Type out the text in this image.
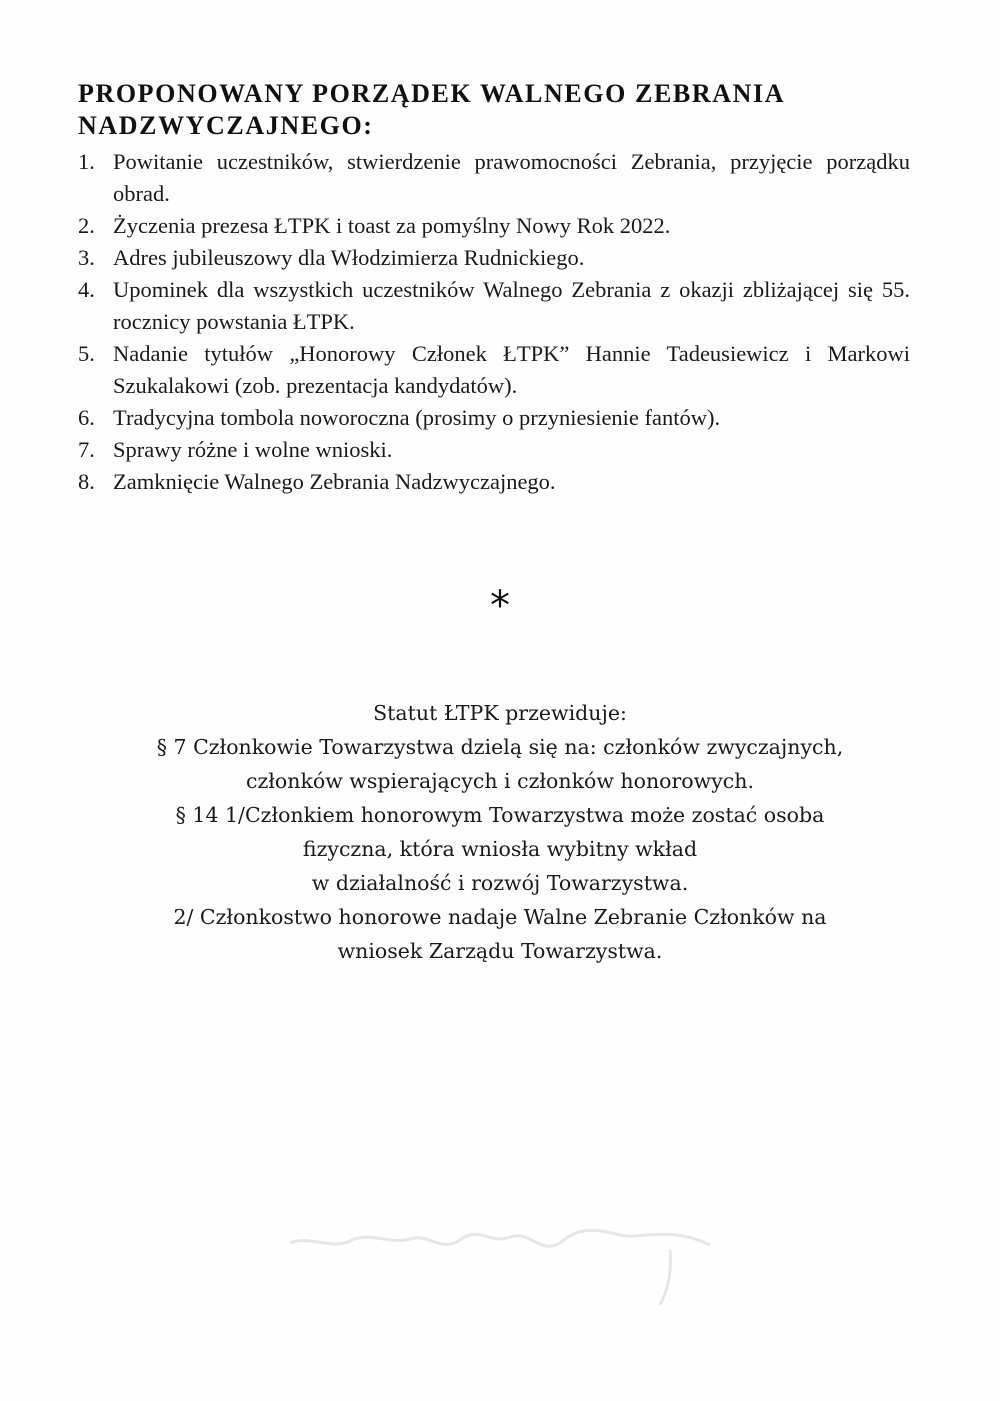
PROPONOWANY PORZĄDEK WALNEGO ZEBRANIA
NADZWYCZAJNEGO:
1. Powitanie uczestników, stwierdzenie prawomocności Zebrania, przyjęcie porządku obrad.
2. Życzenia prezesa ŁTPK i toast za pomyślny Nowy Rok 2022.
3. Adres jubileuszowy dla Włodzimierza Rudnickiego.
4. Upominek dla wszystkich uczestników Walnego Zebrania z okazji zbliżającej się 55. rocznicy powstania ŁTPK.
5. Nadanie tytułów „Honorowy Członek ŁTPK” Hannie Tadeusiewicz i Markowi Szukalakowi (zob. prezentacja kandydatów).
6. Tradycyjna tombola noworoczna (prosimy o przyniesienie fantów).
7. Sprawy różne i wolne wnioski.
8. Zamknięcie Walnego Zebrania Nadzwyczajnego.
*

Statut ŁTPK przewiduje:

§ 7 Członkowie Towarzystwa dzielą się na: członków zwyczajnych,

członków wspierających i członków honorowych.

§ 14 1/Członkiem honorowym Towarzystwa może zostać osoba

fizyczna, która wniosła wybitny wkład

w działalność i rozwój Towarzystwa.

2/ Członkostwo honorowe nadaje Walne Zebranie Członków na

wniosek Zarządu Towarzystwa.
